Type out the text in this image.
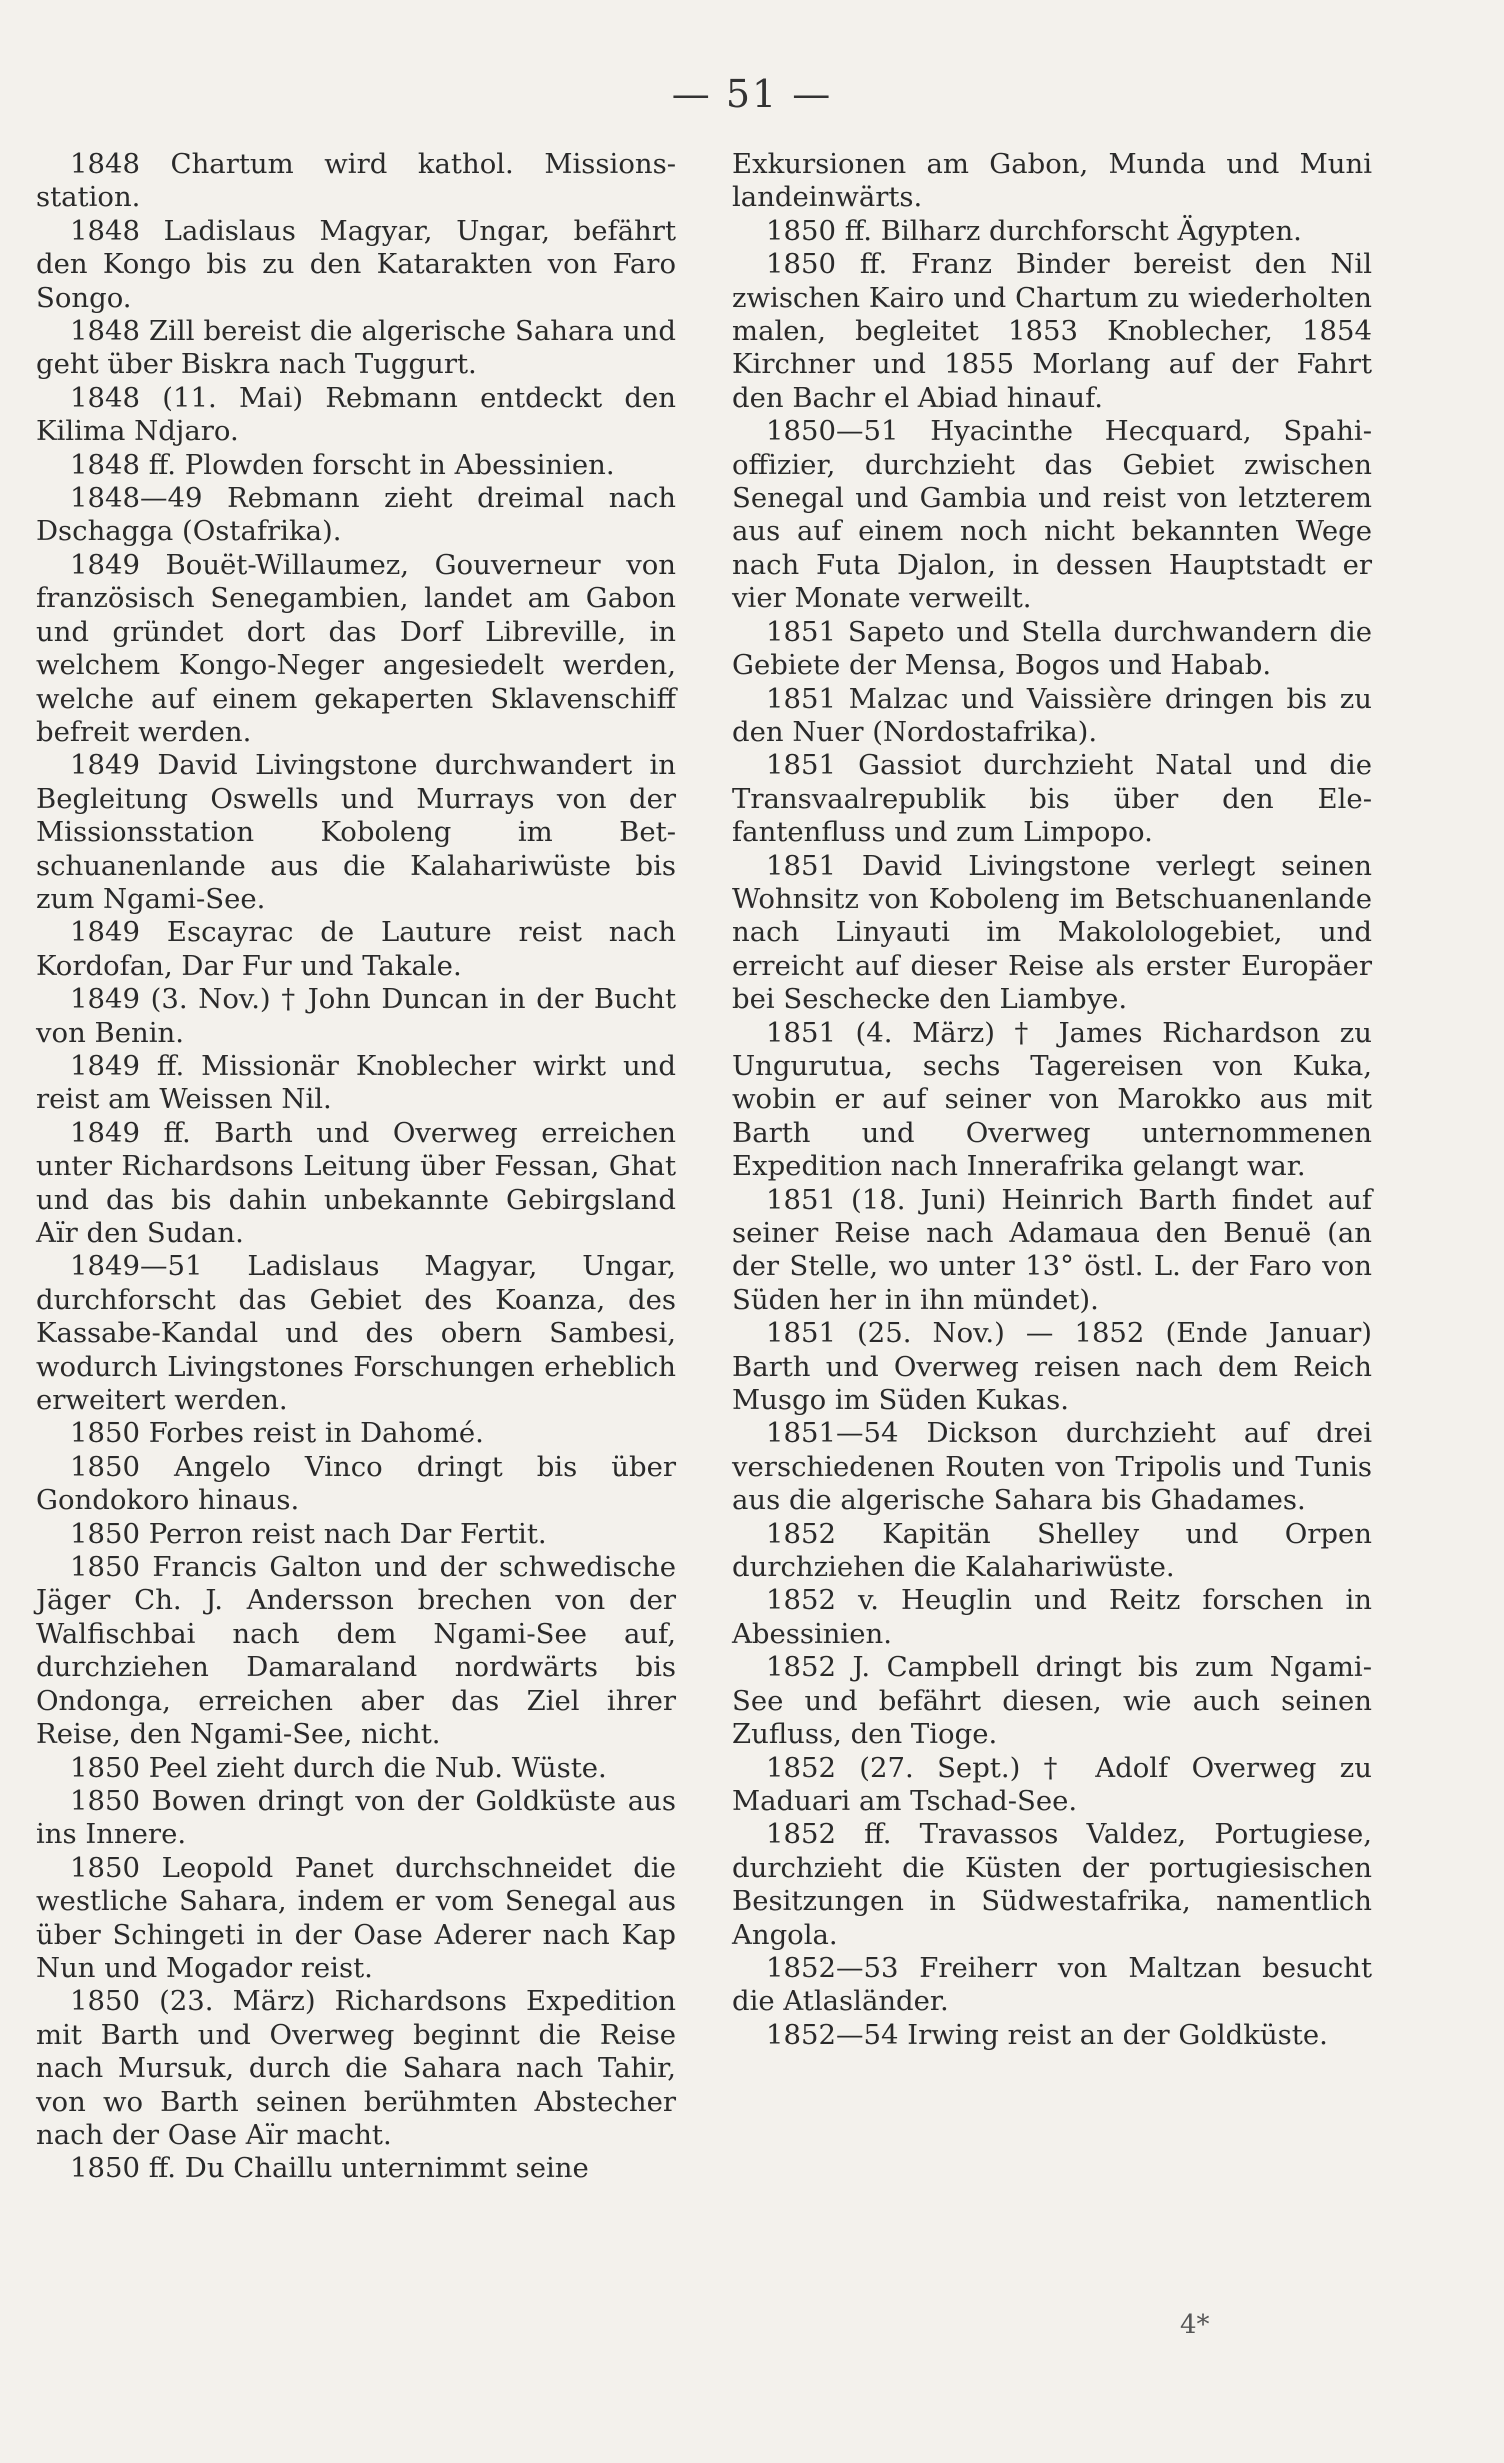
— 51 —

1848 Chartum wird kathol. Missionsstation.

1848 Ladislaus Magyar, Ungar, befährt den Kongo bis zu den Katarakten von Faro Songo.

1848 Zill bereist die algerische Sahara und geht über Biskra nach Tuggurt.

1848 (11. Mai) Rebmann entdeckt den Kilima Ndjaro.

1848 ff. Plowden forscht in Abessinien.

1848—49 Rebmann zieht dreimal nach Dschagga (Ostafrika).

1849 Bouët-Willaumez, Gouverneur von französisch Senegambien, landet am Gabon und gründet dort das Dorf Libreville, in welchem Kongo-Neger angesiedelt werden, welche auf einem gekaperten Sklavenschiff befreit werden.

1849 David Livingstone durchwandert in Begleitung Oswells und Murrays von der Missionsstation Koboleng im Betschuanenlande aus die Kalahariwüste bis zum Ngami-See.

1849 Escayrac de Lauture reist nach Kordofan, Dar Fur und Takale.

1849 (3. Nov.) † John Duncan in der Bucht von Benin.

1849 ff. Missionär Knoblecher wirkt und reist am Weissen Nil.

1849 ff. Barth und Overweg erreichen unter Richardsons Leitung über Fessan, Ghat und das bis dahin unbekannte Gebirgsland Aïr den Sudan.

1849—51 Ladislaus Magyar, Ungar, durchforscht das Gebiet des Koanza, des Kassabe-Kandal und des obern Sambesi, wodurch Livingstones Forschungen erheblich erweitert werden.

1850 Forbes reist in Dahomé.

1850 Angelo Vinco dringt bis über Gondokoro hinaus.

1850 Perron reist nach Dar Fertit.

1850 Francis Galton und der schwedische Jäger Ch. J. Andersson brechen von der Walfischbai nach dem Ngami-See auf, durchziehen Damaraland nordwärts bis Ondonga, erreichen aber das Ziel ihrer Reise, den Ngami-See, nicht.

1850 Peel zieht durch die Nub. Wüste.

1850 Bowen dringt von der Goldküste aus ins Innere.

1850 Leopold Panet durchschneidet die westliche Sahara, indem er vom Senegal aus über Schingeti in der Oase Aderer nach Kap Nun und Mogador reist.

1850 (23. März) Richardsons Expedition mit Barth und Overweg beginnt die Reise nach Mursuk, durch die Sahara nach Tahir, von wo Barth seinen berühmten Abstecher nach der Oase Aïr macht.

1850 ff. Du Chaillu unternimmt seine

Exkursionen am Gabon, Munda und Muni landeinwärts.

1850 ff. Bilharz durchforscht Ägypten.

1850 ff. Franz Binder bereist den Nil zwischen Kairo und Chartum zu wiederholten malen, begleitet 1853 Knoblecher, 1854 Kirchner und 1855 Morlang auf der Fahrt den Bachr el Abiad hinauf.

1850—51 Hyacinthe Hecquard, Spahi-offizier, durchzieht das Gebiet zwischen Senegal und Gambia und reist von letzterem aus auf einem noch nicht bekannten Wege nach Futa Djalon, in dessen Hauptstadt er vier Monate verweilt.

1851 Sapeto und Stella durchwandern die Gebiete der Mensa, Bogos und Habab.

1851 Malzac und Vaissière dringen bis zu den Nuer (Nordostafrika).

1851 Gassiot durchzieht Natal und die Transvaalrepublik bis über den Elefantenfluss und zum Limpopo.

1851 David Livingstone verlegt seinen Wohnsitz von Koboleng im Betschuanenlande nach Linyauti im Makolologebiet, und erreicht auf dieser Reise als erster Europäer bei Seschecke den Liambye.

1851 (4. März) † James Richardson zu Ungurutua, sechs Tagereisen von Kuka, wobin er auf seiner von Marokko aus mit Barth und Overweg unternommenen Expedition nach Innerafrika gelangt war.

1851 (18. Juni) Heinrich Barth findet auf seiner Reise nach Adamaua den Benuë (an der Stelle, wo unter 13° östl. L. der Faro von Süden her in ihn mündet).

1851 (25. Nov.) — 1852 (Ende Januar) Barth und Overweg reisen nach dem Reich Musgo im Süden Kukas.

1851—54 Dickson durchzieht auf drei verschiedenen Routen von Tripolis und Tunis aus die algerische Sahara bis Ghadames.

1852 Kapitän Shelley und Orpen durchziehen die Kalahariwüste.

1852 v. Heuglin und Reitz forschen in Abessinien.

1852 J. Campbell dringt bis zum Ngami-See und befährt diesen, wie auch seinen Zufluss, den Tioge.

1852 (27. Sept.) † Adolf Overweg zu Maduari am Tschad-See.

1852 ff. Travassos Valdez, Portugiese, durchzieht die Küsten der portugiesischen Besitzungen in Südwestafrika, namentlich Angola.

1852—53 Freiherr von Maltzan besucht die Atlasländer.

1852—54 Irwing reist an der Goldküste.

4*
